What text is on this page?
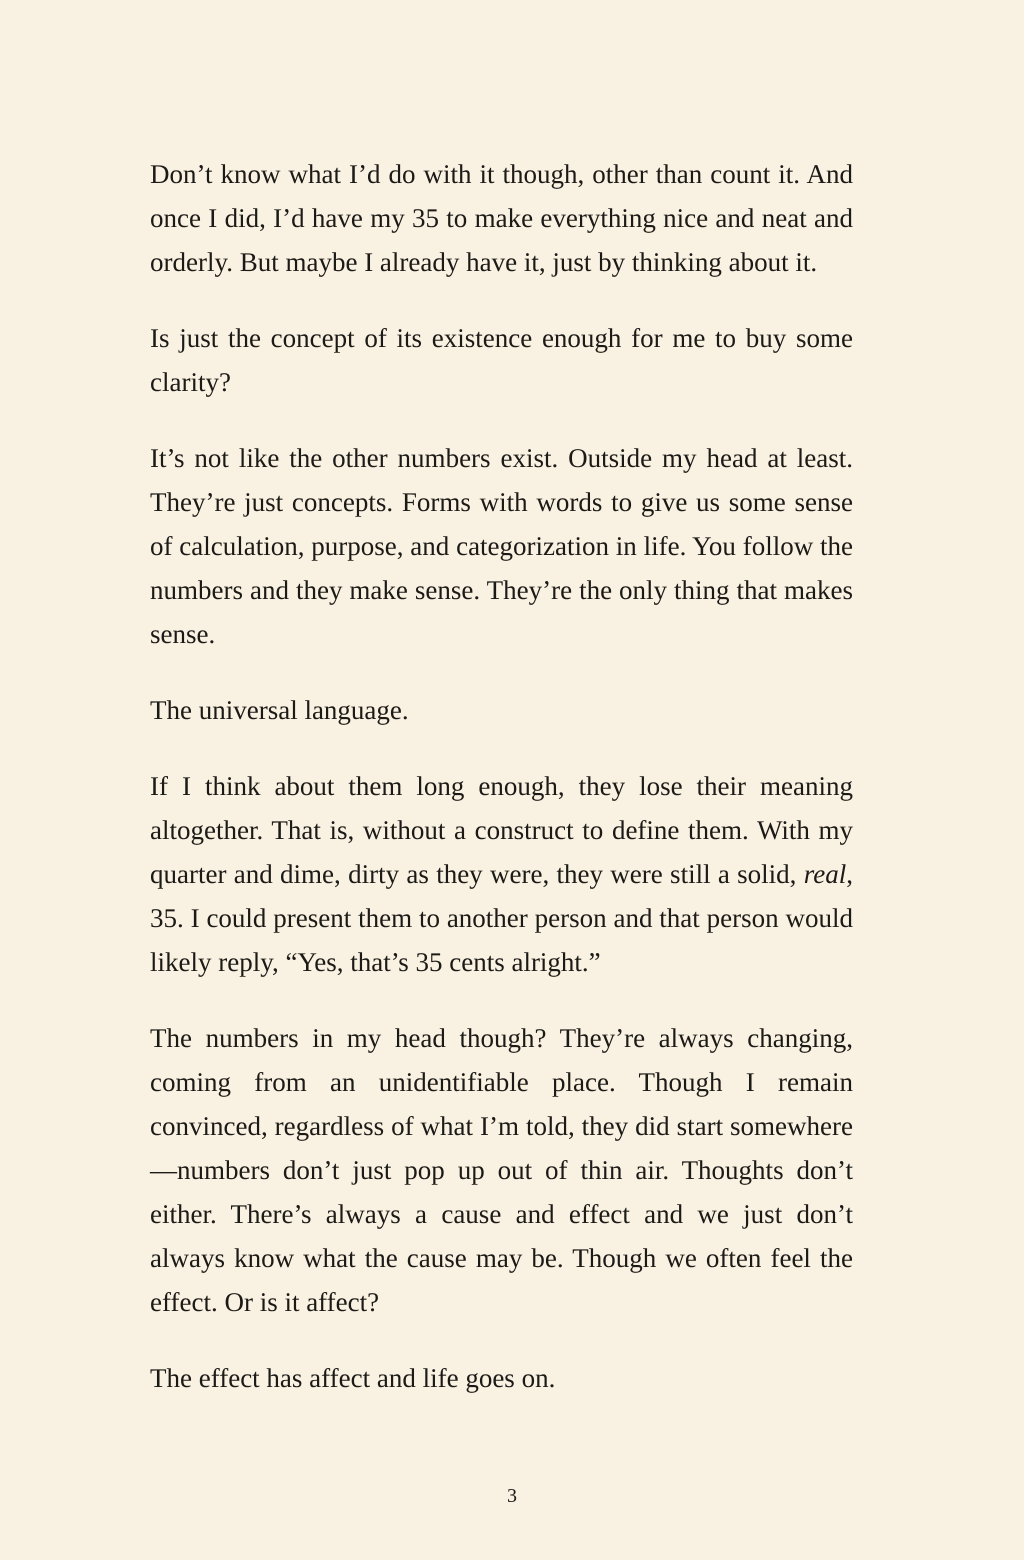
Don’t know what I’d do with it though, other than count it. And once I did, I’d have my 35 to make everything nice and neat and orderly. But maybe I already have it, just by thinking about it.

Is just the concept of its existence enough for me to buy some clarity?

It’s not like the other numbers exist. Outside my head at least. They’re just concepts. Forms with words to give us some sense of calculation, purpose, and categorization in life. You follow the numbers and they make sense. They’re the only thing that makes sense.

The universal language.

If I think about them long enough, they lose their meaning altogether. That is, without a construct to define them. With my quarter and dime, dirty as they were, they were still a solid, real, 35. I could present them to another person and that person would likely reply, “Yes, that’s 35 cents alright.”

The numbers in my head though? They’re always changing, coming from an unidentifiable place. Though I remain convinced, regardless of what I’m told, they did start somewhere—numbers don’t just pop up out of thin air. Thoughts don’t either. There’s always a cause and effect and we just don’t always know what the cause may be. Though we often feel the effect. Or is it affect?

The effect has affect and life goes on.

3
